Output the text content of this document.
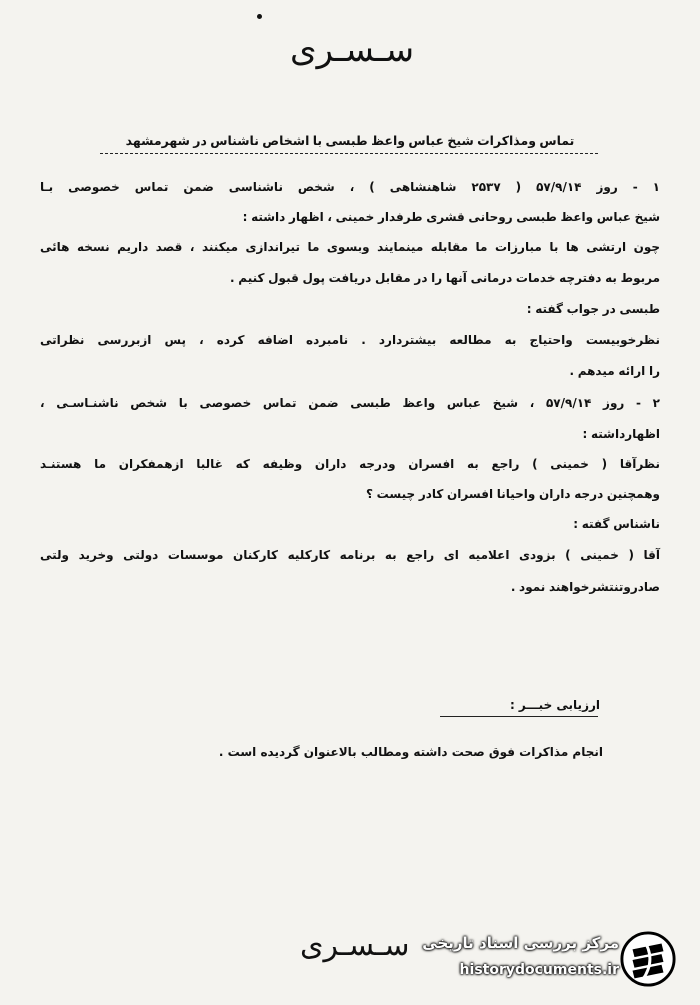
سـسـری
تماس ومذاکرات شیخ عباس واعظ طبسی با اشخاص ناشناس در شهرمشهد
۱ - روز ۵۷/۹/۱۴ ( ۲۵۳۷ شاهنشاهی ) ، شخص ناشناسی ضمن تماس خصوصی بـا
شیخ عباس واعظ طبسی روحانی قشری طرفدار خمینی ، اظهار داشته :
چون ارتشی ها با مبارزات ما مقابله مینمایند وبسوی ما تیراندازی میکنند ، قصد داریم نسخه هائی
مربوط به دفترچه خدمات درمانی آنها را در مقابل دریافت پول قبول کنیم .
طبسی در جواب گفته :
نظرخوبیست واحتیاج به مطالعه بیشتردارد . نامبرده اضافه کرده ، پس ازبررسی نظراتی
را ارائه میدهم .
۲ - روز ۵۷/۹/۱۴ ، شیخ عباس واعظ طبسی ضمن تماس خصوصی با شخص ناشنـاسـی ،
اظهارداشته :
نظرآقا ( خمینی ) راجع به افسران ودرجه داران وظیفه که غالبا ازهمفکران ما هستنـد
وهمچنین درجه داران واحیانا افسران کادر چیست ؟
ناشناس گفته :
آقا ( خمینی ) بزودی اعلامیه ای راجع به برنامه کارکلیه کارکنان موسسات دولتی وخرید ولتی
صادروتنتشرخواهند نمود .
ارزیابی خبـــر :
انجام مذاکرات فوق صحت داشته ومطالب بالاعنوان گردیده است .
سـسـری مرکز بررسی اسناد تاریخی
historydocuments.ir
